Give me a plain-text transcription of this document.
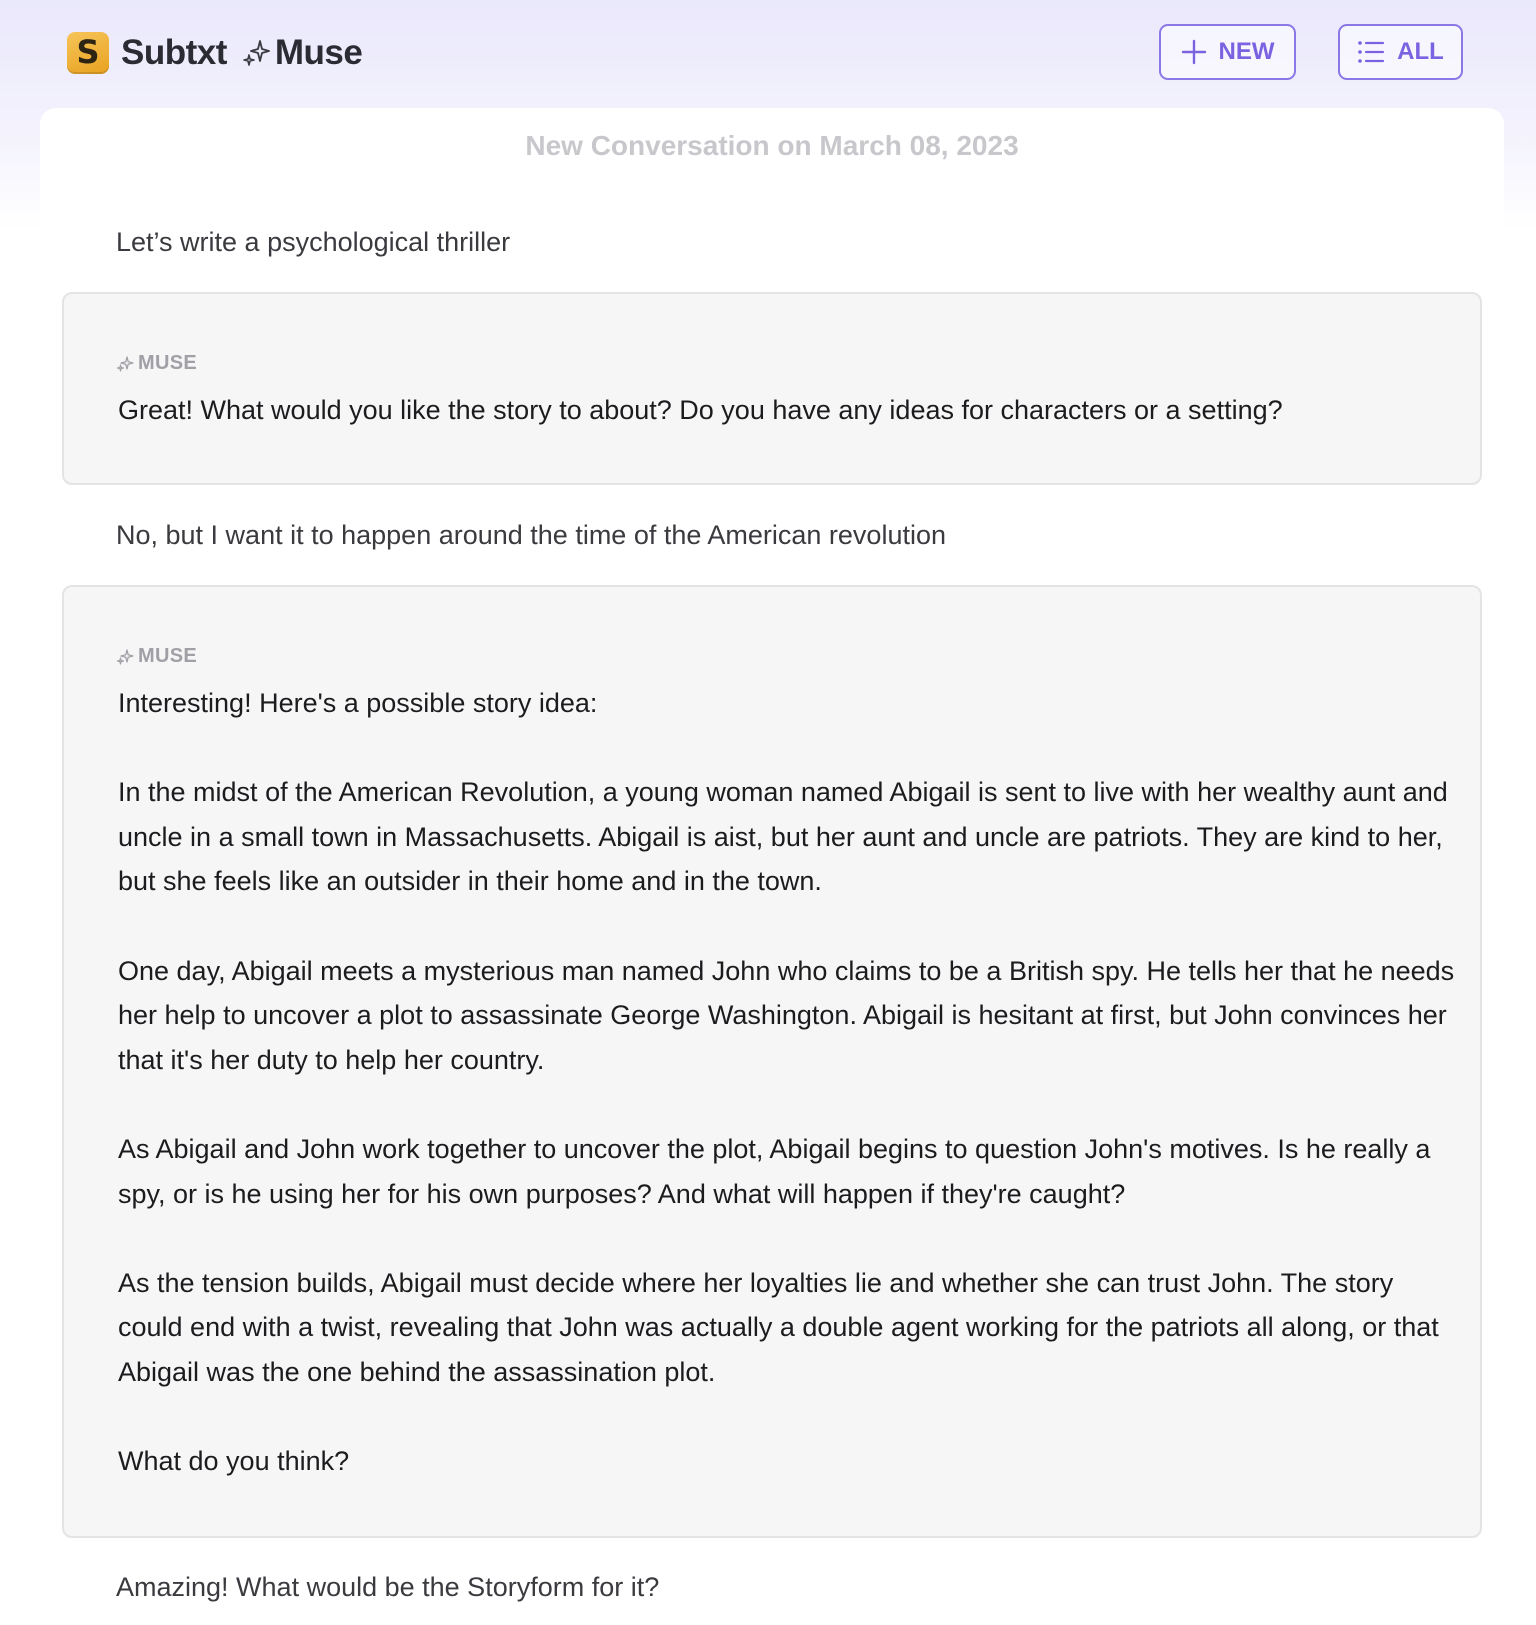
S Subtxt Muse	NEW	ALL
New Conversation on March 08, 2023
Let’s write a psychological thriller
MUSE

Great! What would you like the story to about? Do you have any ideas for characters or a setting?

No, but I want it to happen around the time of the American revolution
MUSE

Interesting! Here's a possible story idea:

In the midst of the American Revolution, a young woman named Abigail is sent to live with her wealthy aunt and uncle in a small town in Massachusetts. Abigail is aist, but her aunt and uncle are patriots. They are kind to her, but she feels like an outsider in their home and in the town.

One day, Abigail meets a mysterious man named John who claims to be a British spy. He tells her that he needs her help to uncover a plot to assassinate George Washington. Abigail is hesitant at first, but John convinces her that it's her duty to help her country.

As Abigail and John work together to uncover the plot, Abigail begins to question John's motives. Is he really a spy, or is he using her for his own purposes? And what will happen if they're caught?

As the tension builds, Abigail must decide where her loyalties lie and whether she can trust John. The story could end with a twist, revealing that John was actually a double agent working for the patriots all along, or that Abigail was the one behind the assassination plot.

What do you think?

Amazing! What would be the Storyform for it?
